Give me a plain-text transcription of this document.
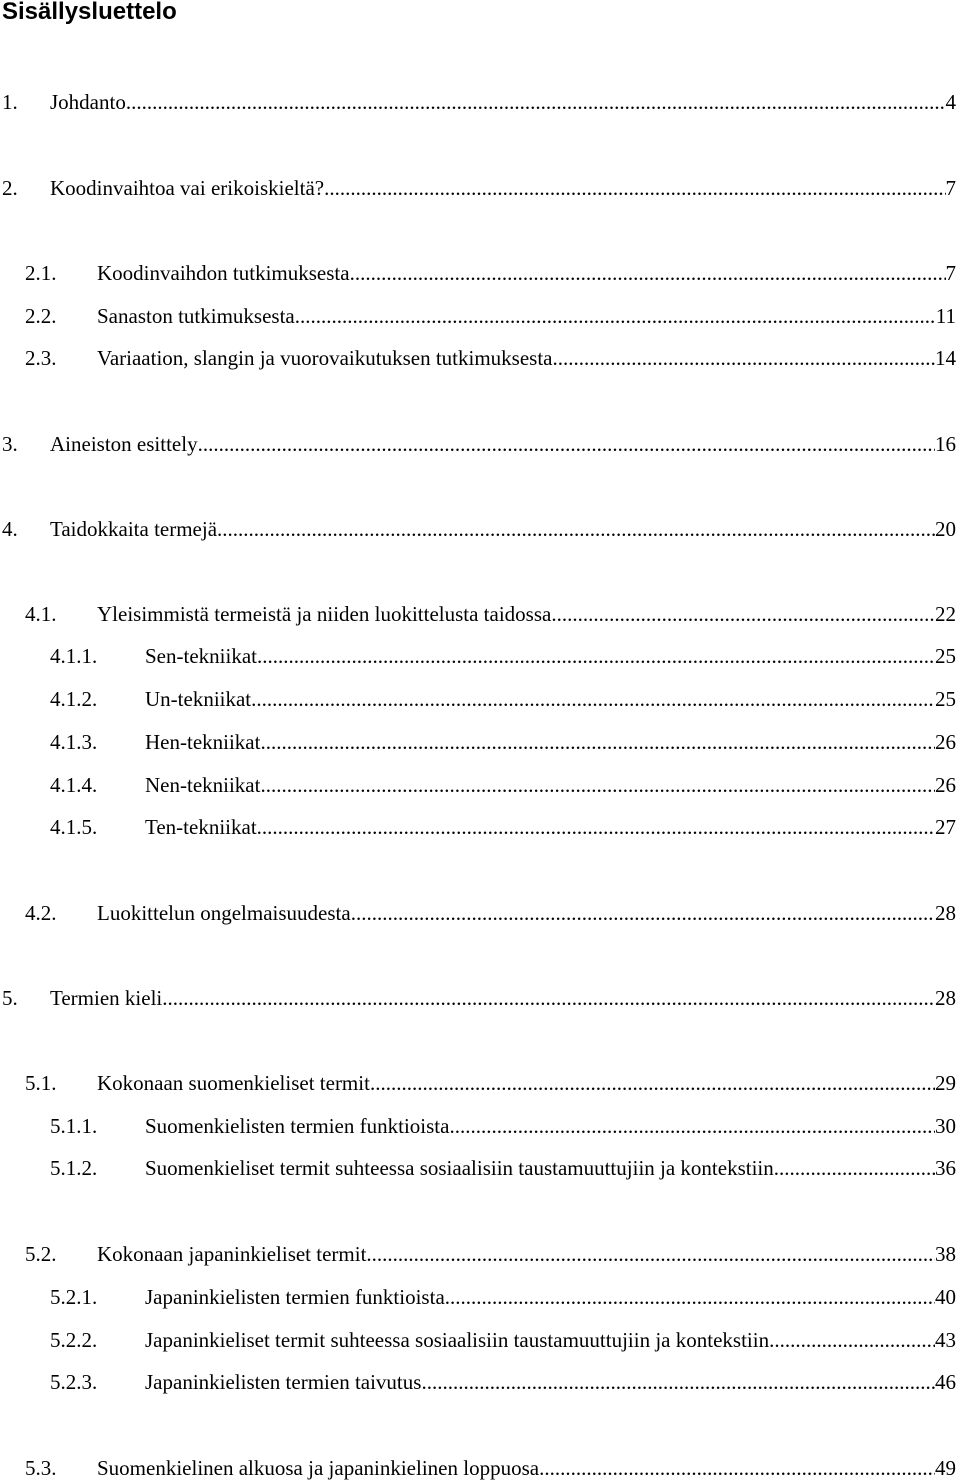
Sisällysluettelo
1. Johdanto .....	4
2. Koodinvaihtoa vai erikoiskieltä? .....	7
2.1. Koodinvaihdon tutkimuksesta .....	7
2.2. Sanaston tutkimuksesta .....	11
2.3. Variaation, slangin ja vuorovaikutuksen tutkimuksesta .....	14
3. Aineiston esittely .....	16
4. Taidokkaita termejä .....	20
4.1. Yleisimmistä termeistä ja niiden luokittelusta taidossa .....	22
4.1.1. Sen-tekniikat .....	25
4.1.2. Un-tekniikat .....	25
4.1.3. Hen-tekniikat .....	26
4.1.4. Nen-tekniikat .....	26
4.1.5. Ten-tekniikat .....	27
4.2. Luokittelun ongelmaisuudesta .....	28
5. Termien kieli .....	28
5.1. Kokonaan suomenkieliset termit .....	29
5.1.1. Suomenkielisten termien funktioista .....	30
5.1.2. Suomenkieliset termit suhteessa sosiaalisiin taustamuuttujiin ja kontekstiin .....	36
5.2. Kokonaan japaninkieliset termit .....	38
5.2.1. Japaninkielisten termien funktioista .....	40
5.2.2. Japaninkieliset termit suhteessa sosiaalisiin taustamuuttujiin ja kontekstiin .....	43
5.2.3. Japaninkielisten termien taivutus .....	46
5.3. Suomenkielinen alkuosa ja japaninkielinen loppuosa .....	49
